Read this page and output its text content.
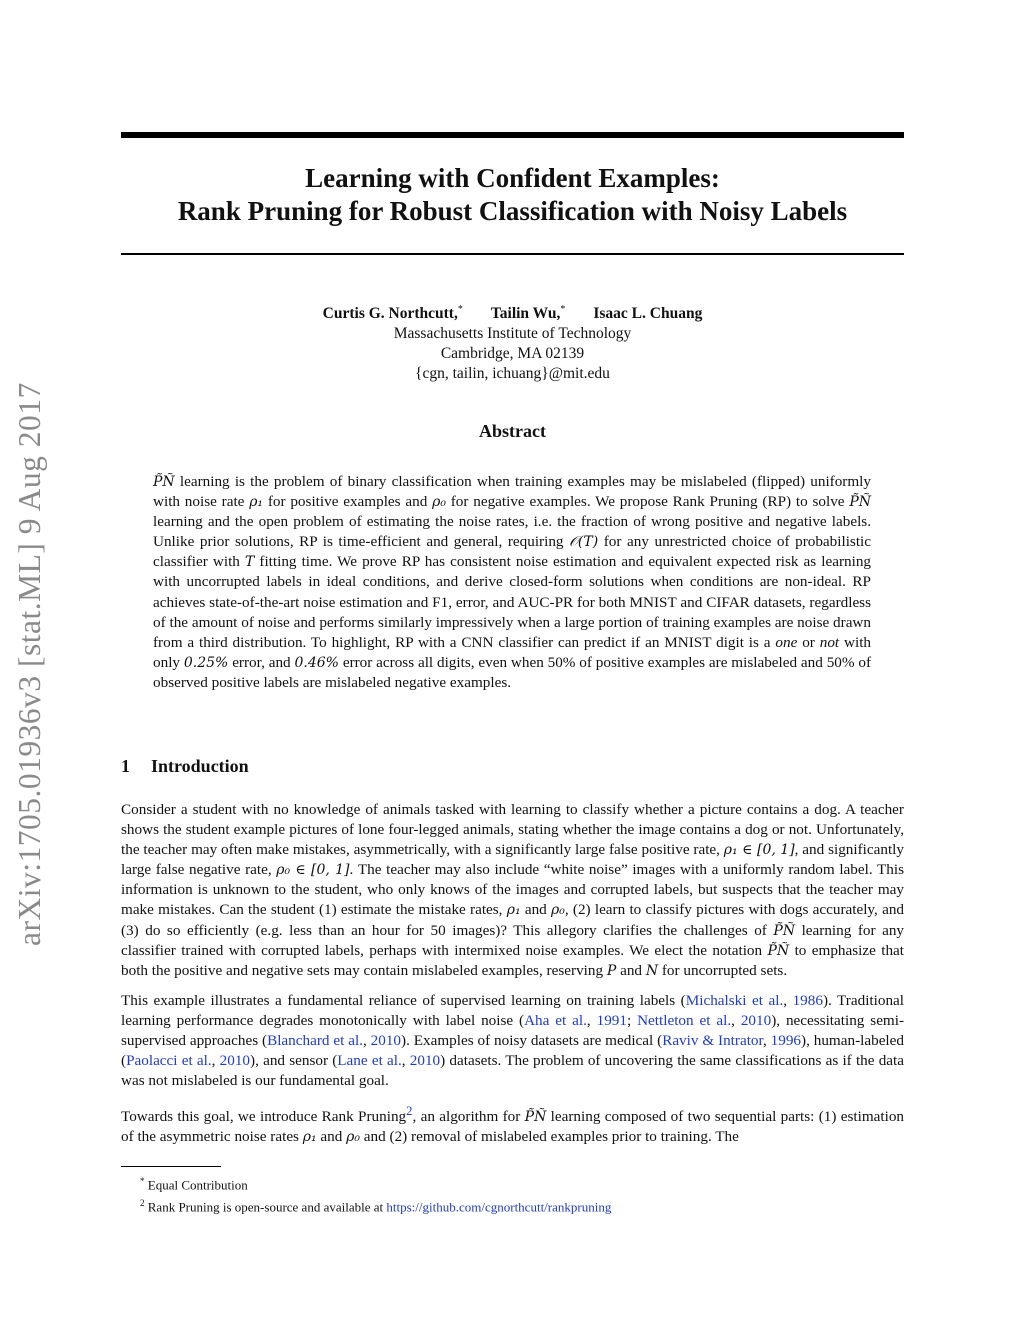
arXiv:1705.01936v3 [stat.ML] 9 Aug 2017
Learning with Confident Examples:
Rank Pruning for Robust Classification with Noisy Labels
Curtis G. Northcutt,* Tailin Wu,* Isaac L. Chuang
Massachusetts Institute of Technology
Cambridge, MA 02139
{cgn, tailin, ichuang}@mit.edu
Abstract
P̃Ñ learning is the problem of binary classification when training examples may be mislabeled (flipped) uniformly with noise rate ρ₁ for positive examples and ρ₀ for negative examples. We propose Rank Pruning (RP) to solve P̃Ñ learning and the open problem of estimating the noise rates, i.e. the fraction of wrong positive and negative labels. Unlike prior solutions, RP is time-efficient and general, requiring 𝒪(T) for any unrestricted choice of probabilistic classifier with T fitting time. We prove RP has consistent noise estimation and equivalent expected risk as learning with uncorrupted labels in ideal conditions, and derive closed-form solutions when conditions are non-ideal. RP achieves state-of-the-art noise estimation and F1, error, and AUC-PR for both MNIST and CIFAR datasets, regardless of the amount of noise and performs similarly impressively when a large portion of training examples are noise drawn from a third distribution. To highlight, RP with a CNN classifier can predict if an MNIST digit is a one or not with only 0.25% error, and 0.46% error across all digits, even when 50% of positive examples are mislabeled and 50% of observed positive labels are mislabeled negative examples.
1 Introduction

Consider a student with no knowledge of animals tasked with learning to classify whether a picture contains a dog. A teacher shows the student example pictures of lone four-legged animals, stating whether the image contains a dog or not. Unfortunately, the teacher may often make mistakes, asymmetrically, with a significantly large false positive rate, ρ₁ ∈ [0, 1], and significantly large false negative rate, ρ₀ ∈ [0, 1]. The teacher may also include “white noise” images with a uniformly random label. This information is unknown to the student, who only knows of the images and corrupted labels, but suspects that the teacher may make mistakes. Can the student (1) estimate the mistake rates, ρ₁ and ρ₀, (2) learn to classify pictures with dogs accurately, and (3) do so efficiently (e.g. less than an hour for 50 images)? This allegory clarifies the challenges of P̃Ñ learning for any classifier trained with corrupted labels, perhaps with intermixed noise examples. We elect the notation P̃Ñ to emphasize that both the positive and negative sets may contain mislabeled examples, reserving P and N for uncorrupted sets.

This example illustrates a fundamental reliance of supervised learning on training labels (Michalski et al., 1986). Traditional learning performance degrades monotonically with label noise (Aha et al., 1991; Nettleton et al., 2010), necessitating semi-supervised approaches (Blanchard et al., 2010). Examples of noisy datasets are medical (Raviv & Intrator, 1996), human-labeled (Paolacci et al., 2010), and sensor (Lane et al., 2010) datasets. The problem of uncovering the same classifications as if the data was not mislabeled is our fundamental goal.

Towards this goal, we introduce Rank Pruning$^2$, an algorithm for P̃Ñ learning composed of two sequential parts: (1) estimation of the asymmetric noise rates ρ₁ and ρ₀ and (2) removal of mislabeled examples prior to training. The

* Equal Contribution
$^2$ Rank Pruning is open-source and available at https://github.com/cgnorthcutt/rankpruning
